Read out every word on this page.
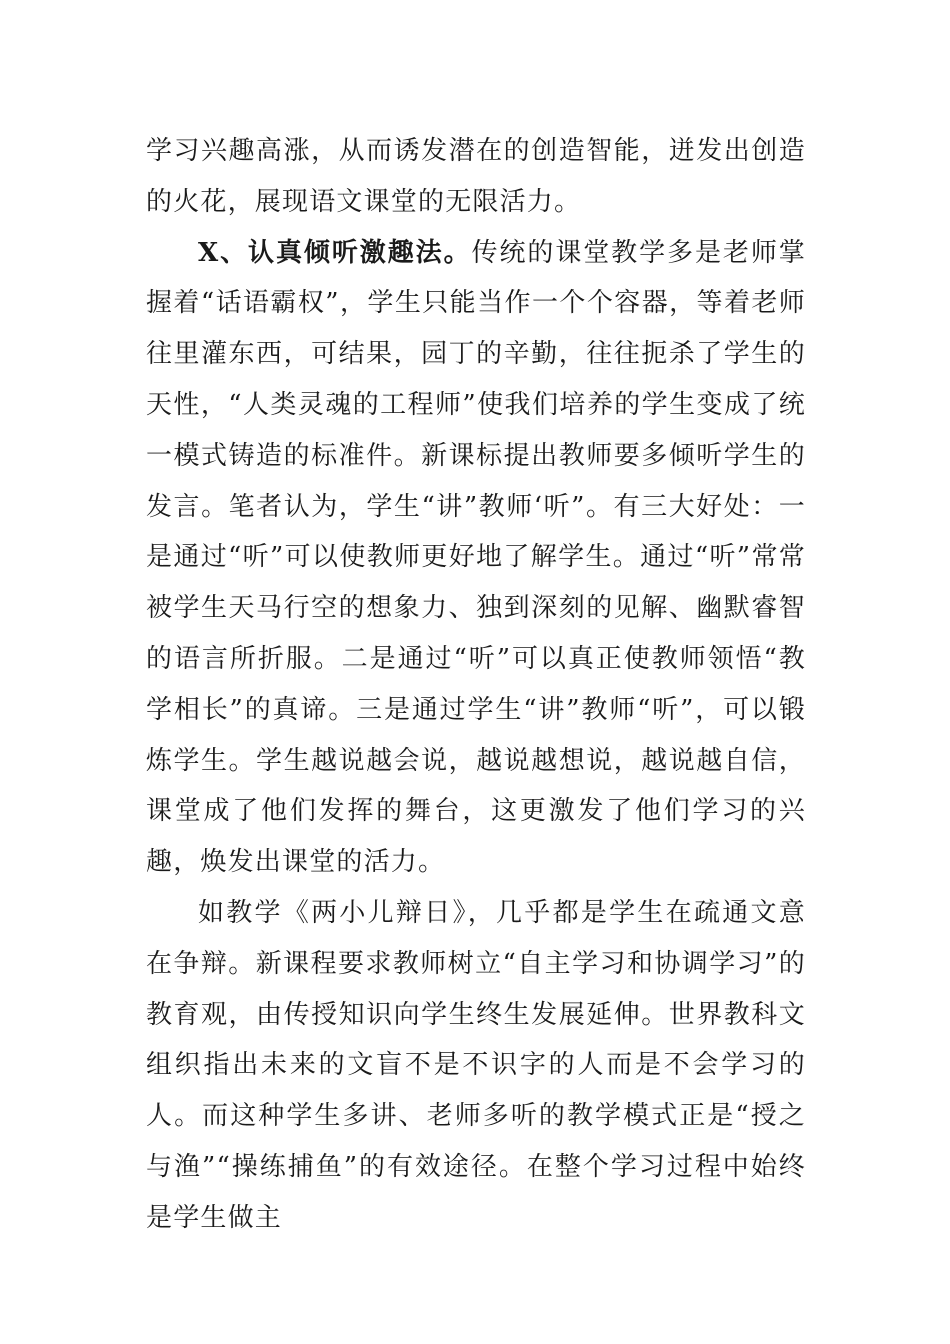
学习兴趣高涨，从而诱发潜在的创造智能，迸发出创造的火花，展现语文课堂的无限活力。

X、认真倾听激趣法。传统的课堂教学多是老师掌握着“话语霸权”，学生只能当作一个个容器，等着老师往里灌东西，可结果，园丁的辛勤，往往扼杀了学生的天性，“人类灵魂的工程师”使我们培养的学生变成了统一模式铸造的标准件。新课标提出教师要多倾听学生的发言。笔者认为，学生“讲”教师‘听”。有三大好处：一是通过“听”可以使教师更好地了解学生。通过“听”常常被学生天马行空的想象力、独到深刻的见解、幽默睿智的语言所折服。二是通过“听”可以真正使教师领悟“教学相长”的真谛。三是通过学生“讲”教师“听”，可以锻炼学生。学生越说越会说，越说越想说，越说越自信，课堂成了他们发挥的舞台，这更激发了他们学习的兴趣，焕发出课堂的活力。

如教学《两小儿辩日》，几乎都是学生在疏通文意在争辩。新课程要求教师树立“自主学习和协调学习”的教育观，由传授知识向学生终生发展延伸。世界教科文组织指出未来的文盲不是不识字的人而是不会学习的人。而这种学生多讲、老师多听的教学模式正是“授之与渔”“操练捕鱼”的有效途径。在整个学习过程中始终是学生做主
